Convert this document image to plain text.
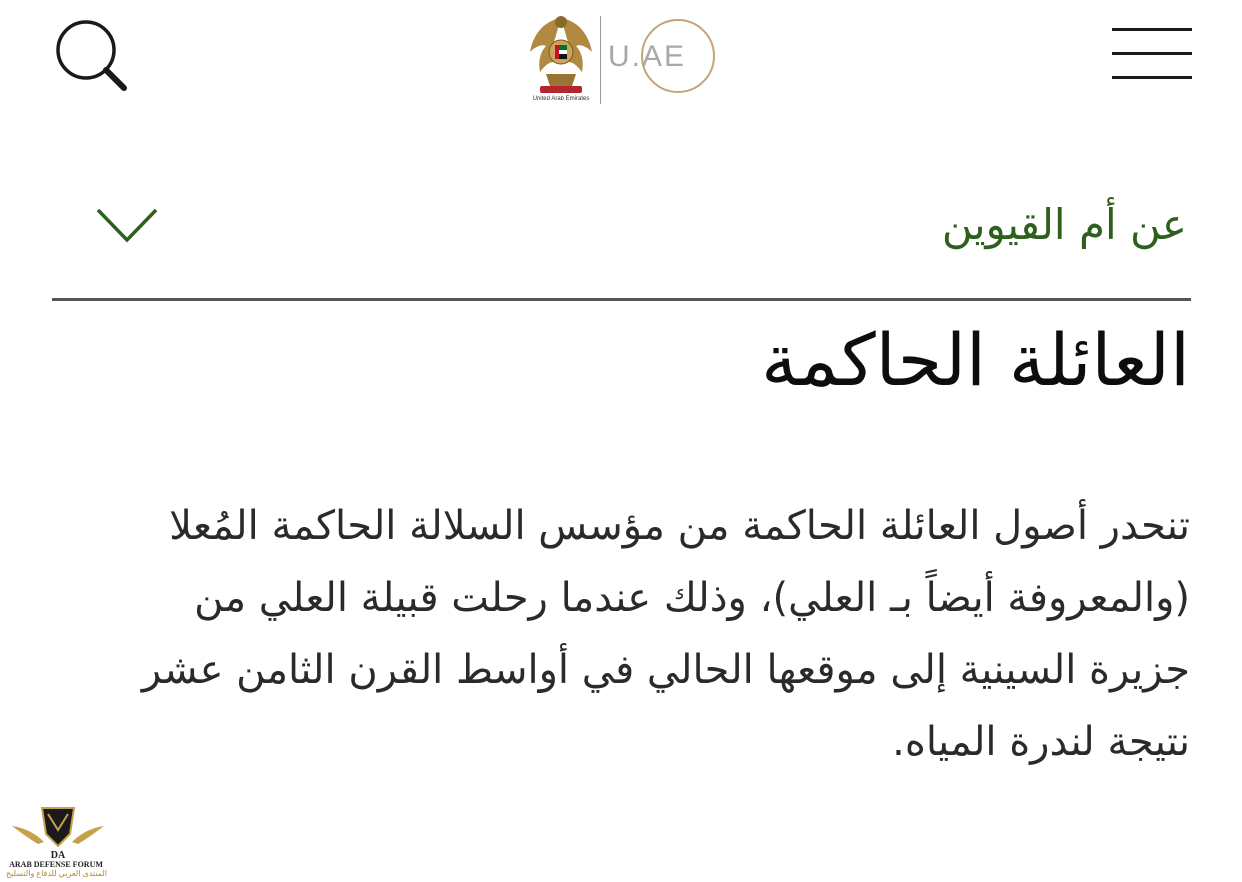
United Arab Emirates
U.AE
عن أم القيوين
العائلة الحاكمة

تنحدر أصول العائلة الحاكمة من مؤسس السلالة الحاكمة المُعلا (والمعروفة أيضاً بـ العلي)، وذلك عندما رحلت قبيلة العلي من جزيرة السينية إلى موقعها الحالي في أواسط القرن الثامن عشر نتيجة لندرة المياه.

DA
ARAB DEFENSE FORUM
المنتدى العربي للدفاع والتسليح
